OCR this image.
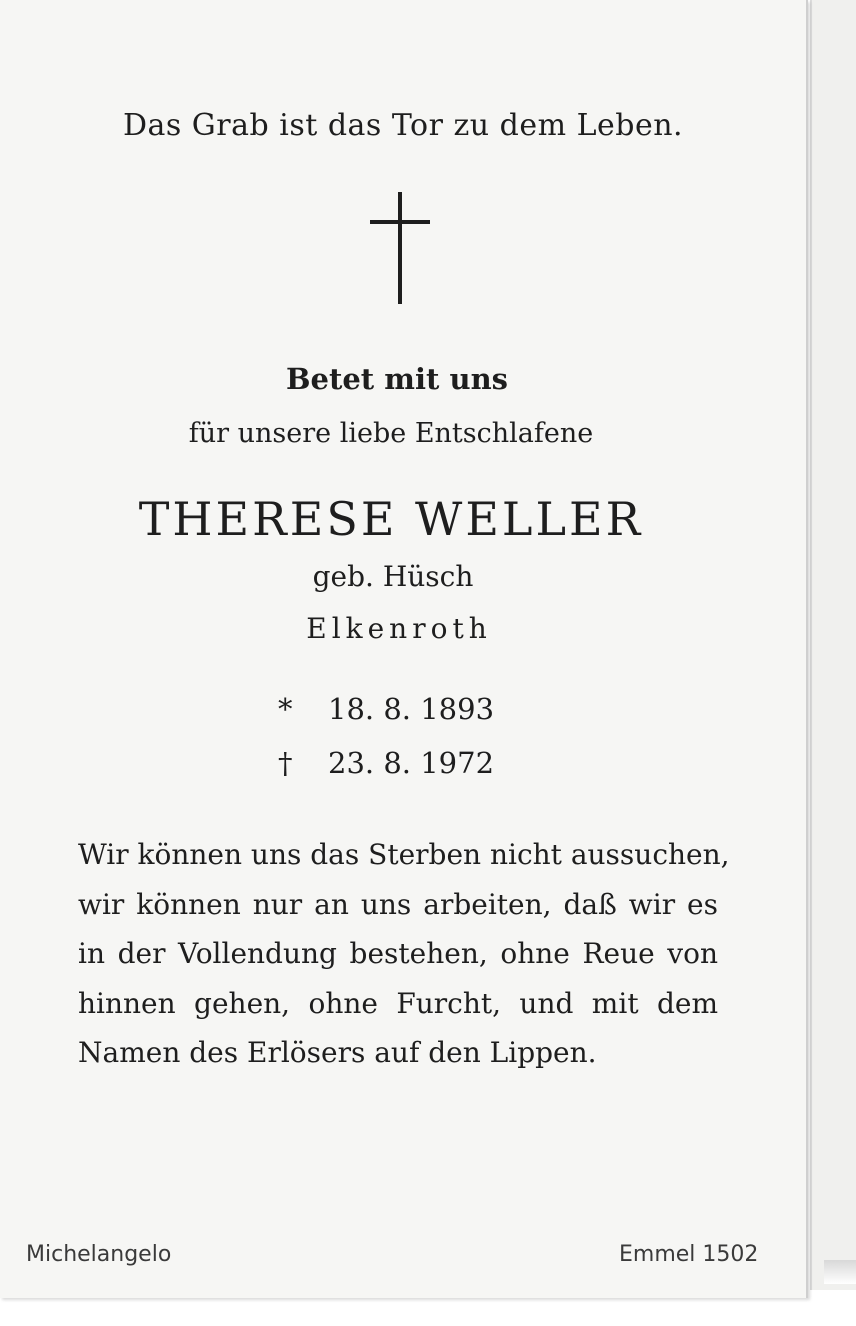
Das Grab ist das Tor zu dem Leben.
Betet mit uns
für unsere liebe Entschlafene
THERESE WELLER
geb. Hüsch
Elkenroth
* 18. 8. 1893
† 23. 8. 1972
Wir können uns das Sterben nicht aussuchen,
wir können nur an uns arbeiten, daß wir es
in der Vollendung bestehen, ohne Reue von
hinnen gehen, ohne Furcht, und mit dem
Namen des Erlösers auf den Lippen.
Michelangelo	Emmel 1502
